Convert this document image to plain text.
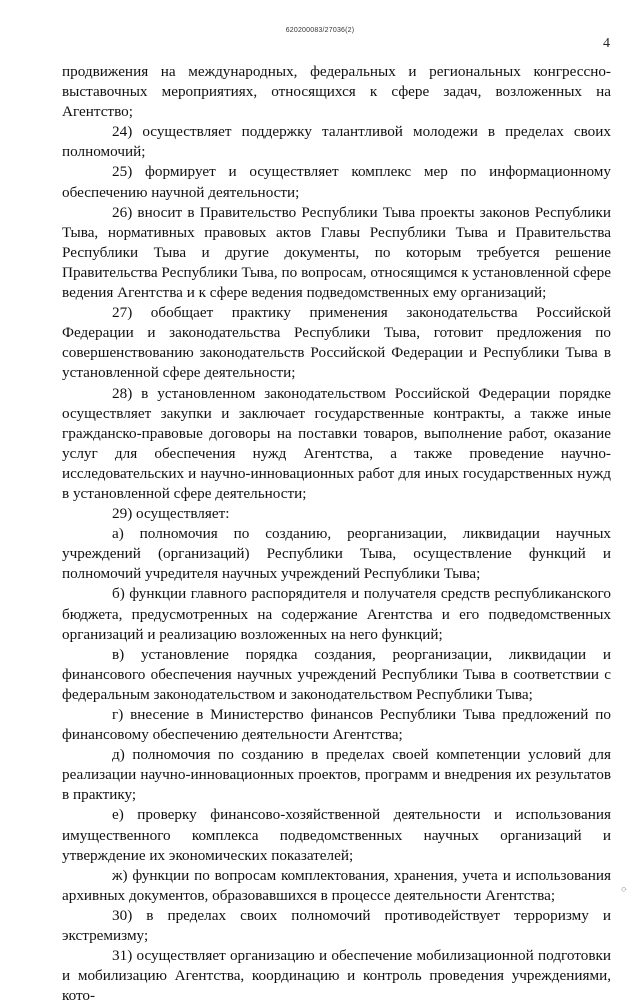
620200083/27036(2)
4

продвижения на международных, федеральных и региональных конгрессно-выставочных мероприятиях, относящихся к сфере задач, возложенных на Агентство;

24) осуществляет поддержку талантливой молодежи в пределах своих полномочий;

25) формирует и осуществляет комплекс мер по информационному обеспечению научной деятельности;

26) вносит в Правительство Республики Тыва проекты законов Республики Тыва, нормативных правовых актов Главы Республики Тыва и Правительства Республики Тыва и другие документы, по которым требуется решение Правительства Республики Тыва, по вопросам, относящимся к установленной сфере ведения Агентства и к сфере ведения подведомственных ему организаций;

27) обобщает практику применения законодательства Российской Федерации и законодательства Республики Тыва, готовит предложения по совершенствованию законодательств Российской Федерации и Республики Тыва в установленной сфере деятельности;

28) в установленном законодательством Российской Федерации порядке осуществляет закупки и заключает государственные контракты, а также иные гражданско-правовые договоры на поставки товаров, выполнение работ, оказание услуг для обеспечения нужд Агентства, а также проведение научно-исследовательских и научно-инновационных работ для иных государственных нужд в установленной сфере деятельности;

29) осуществляет:

а) полномочия по созданию, реорганизации, ликвидации научных учреждений (организаций) Республики Тыва, осуществление функций и полномочий учредителя научных учреждений Республики Тыва;

б) функции главного распорядителя и получателя средств республиканского бюджета, предусмотренных на содержание Агентства и его подведомственных организаций и реализацию возложенных на него функций;

в) установление порядка создания, реорганизации, ликвидации и финансового обеспечения научных учреждений Республики Тыва в соответствии с федеральным законодательством и законодательством Республики Тыва;

г) внесение в Министерство финансов Республики Тыва предложений по финансовому обеспечению деятельности Агентства;

д) полномочия по созданию в пределах своей компетенции условий для реализации научно-инновационных проектов, программ и внедрения их результатов в практику;

е) проверку финансово-хозяйственной деятельности и использования имущественного комплекса подведомственных научных организаций и утверждение их экономических показателей;

ж) функции по вопросам комплектования, хранения, учета и использования архивных документов, образовавшихся в процессе деятельности Агентства;

30) в пределах своих полномочий противодействует терроризму и экстремизму;

31) осуществляет организацию и обеспечение мобилизационной подготовки и мобилизацию Агентства, координацию и контроль проведения учреждениями, кото-

⟳
